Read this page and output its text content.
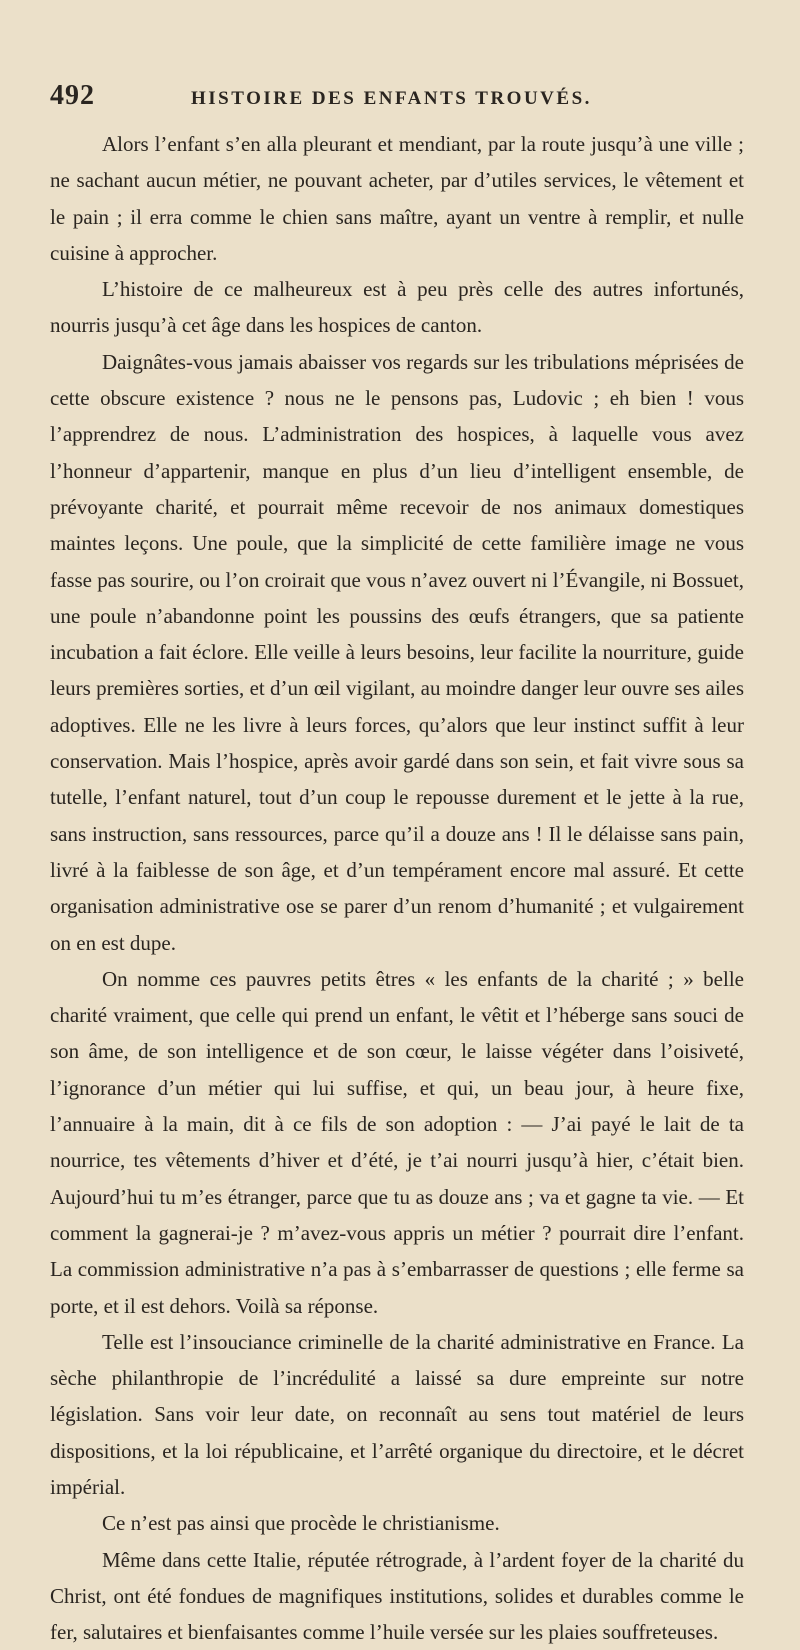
492	HISTOIRE DES ENFANTS TROUVÉS.

Alors l’enfant s’en alla pleurant et mendiant, par la route jusqu’à une ville ; ne sachant aucun métier, ne pouvant acheter, par d’utiles services, le vêtement et le pain ; il erra comme le chien sans maître, ayant un ventre à remplir, et nulle cuisine à approcher.

L’histoire de ce malheureux est à peu près celle des autres infortunés, nourris jusqu’à cet âge dans les hospices de canton.

Daignâtes-vous jamais abaisser vos regards sur les tribulations méprisées de cette obscure existence ? nous ne le pensons pas, Ludovic ; eh bien ! vous l’apprendrez de nous. L’administration des hospices, à laquelle vous avez l’honneur d’appartenir, manque en plus d’un lieu d’intelligent ensemble, de prévoyante charité, et pourrait même recevoir de nos animaux domestiques maintes leçons. Une poule, que la simplicité de cette familière image ne vous fasse pas sourire, ou l’on croirait que vous n’avez ouvert ni l’Évangile, ni Bossuet, une poule n’abandonne point les poussins des œufs étrangers, que sa patiente incubation a fait éclore. Elle veille à leurs besoins, leur facilite la nourriture, guide leurs premières sorties, et d’un œil vigilant, au moindre danger leur ouvre ses ailes adoptives. Elle ne les livre à leurs forces, qu’alors que leur instinct suffit à leur conservation. Mais l’hospice, après avoir gardé dans son sein, et fait vivre sous sa tutelle, l’enfant naturel, tout d’un coup le repousse durement et le jette à la rue, sans instruction, sans ressources, parce qu’il a douze ans ! Il le délaisse sans pain, livré à la faiblesse de son âge, et d’un tempérament encore mal assuré. Et cette organisation administrative ose se parer d’un renom d’humanité ; et vulgairement on en est dupe.

On nomme ces pauvres petits êtres « les enfants de la charité ; » belle charité vraiment, que celle qui prend un enfant, le vêtit et l’héberge sans souci de son âme, de son intelligence et de son cœur, le laisse végéter dans l’oisiveté, l’ignorance d’un métier qui lui suffise, et qui, un beau jour, à heure fixe, l’annuaire à la main, dit à ce fils de son adoption : — J’ai payé le lait de ta nourrice, tes vêtements d’hiver et d’été, je t’ai nourri jusqu’à hier, c’était bien. Aujourd’hui tu m’es étranger, parce que tu as douze ans ; va et gagne ta vie. — Et comment la gagnerai-je ? m’avez-vous appris un métier ? pourrait dire l’enfant. La commission administrative n’a pas à s’embarrasser de questions ; elle ferme sa porte, et il est dehors. Voilà sa réponse.

Telle est l’insouciance criminelle de la charité administrative en France. La sèche philanthropie de l’incrédulité a laissé sa dure empreinte sur notre législation. Sans voir leur date, on reconnaît au sens tout matériel de leurs dispositions, et la loi républicaine, et l’arrêté organique du directoire, et le décret impérial.

Ce n’est pas ainsi que procède le christianisme.

Même dans cette Italie, réputée rétrograde, à l’ardent foyer de la charité du Christ, ont été fondues de magnifiques institutions, solides et durables comme le fer, salutaires et bienfaisantes comme l’huile versée sur les plaies souffreteuses.
